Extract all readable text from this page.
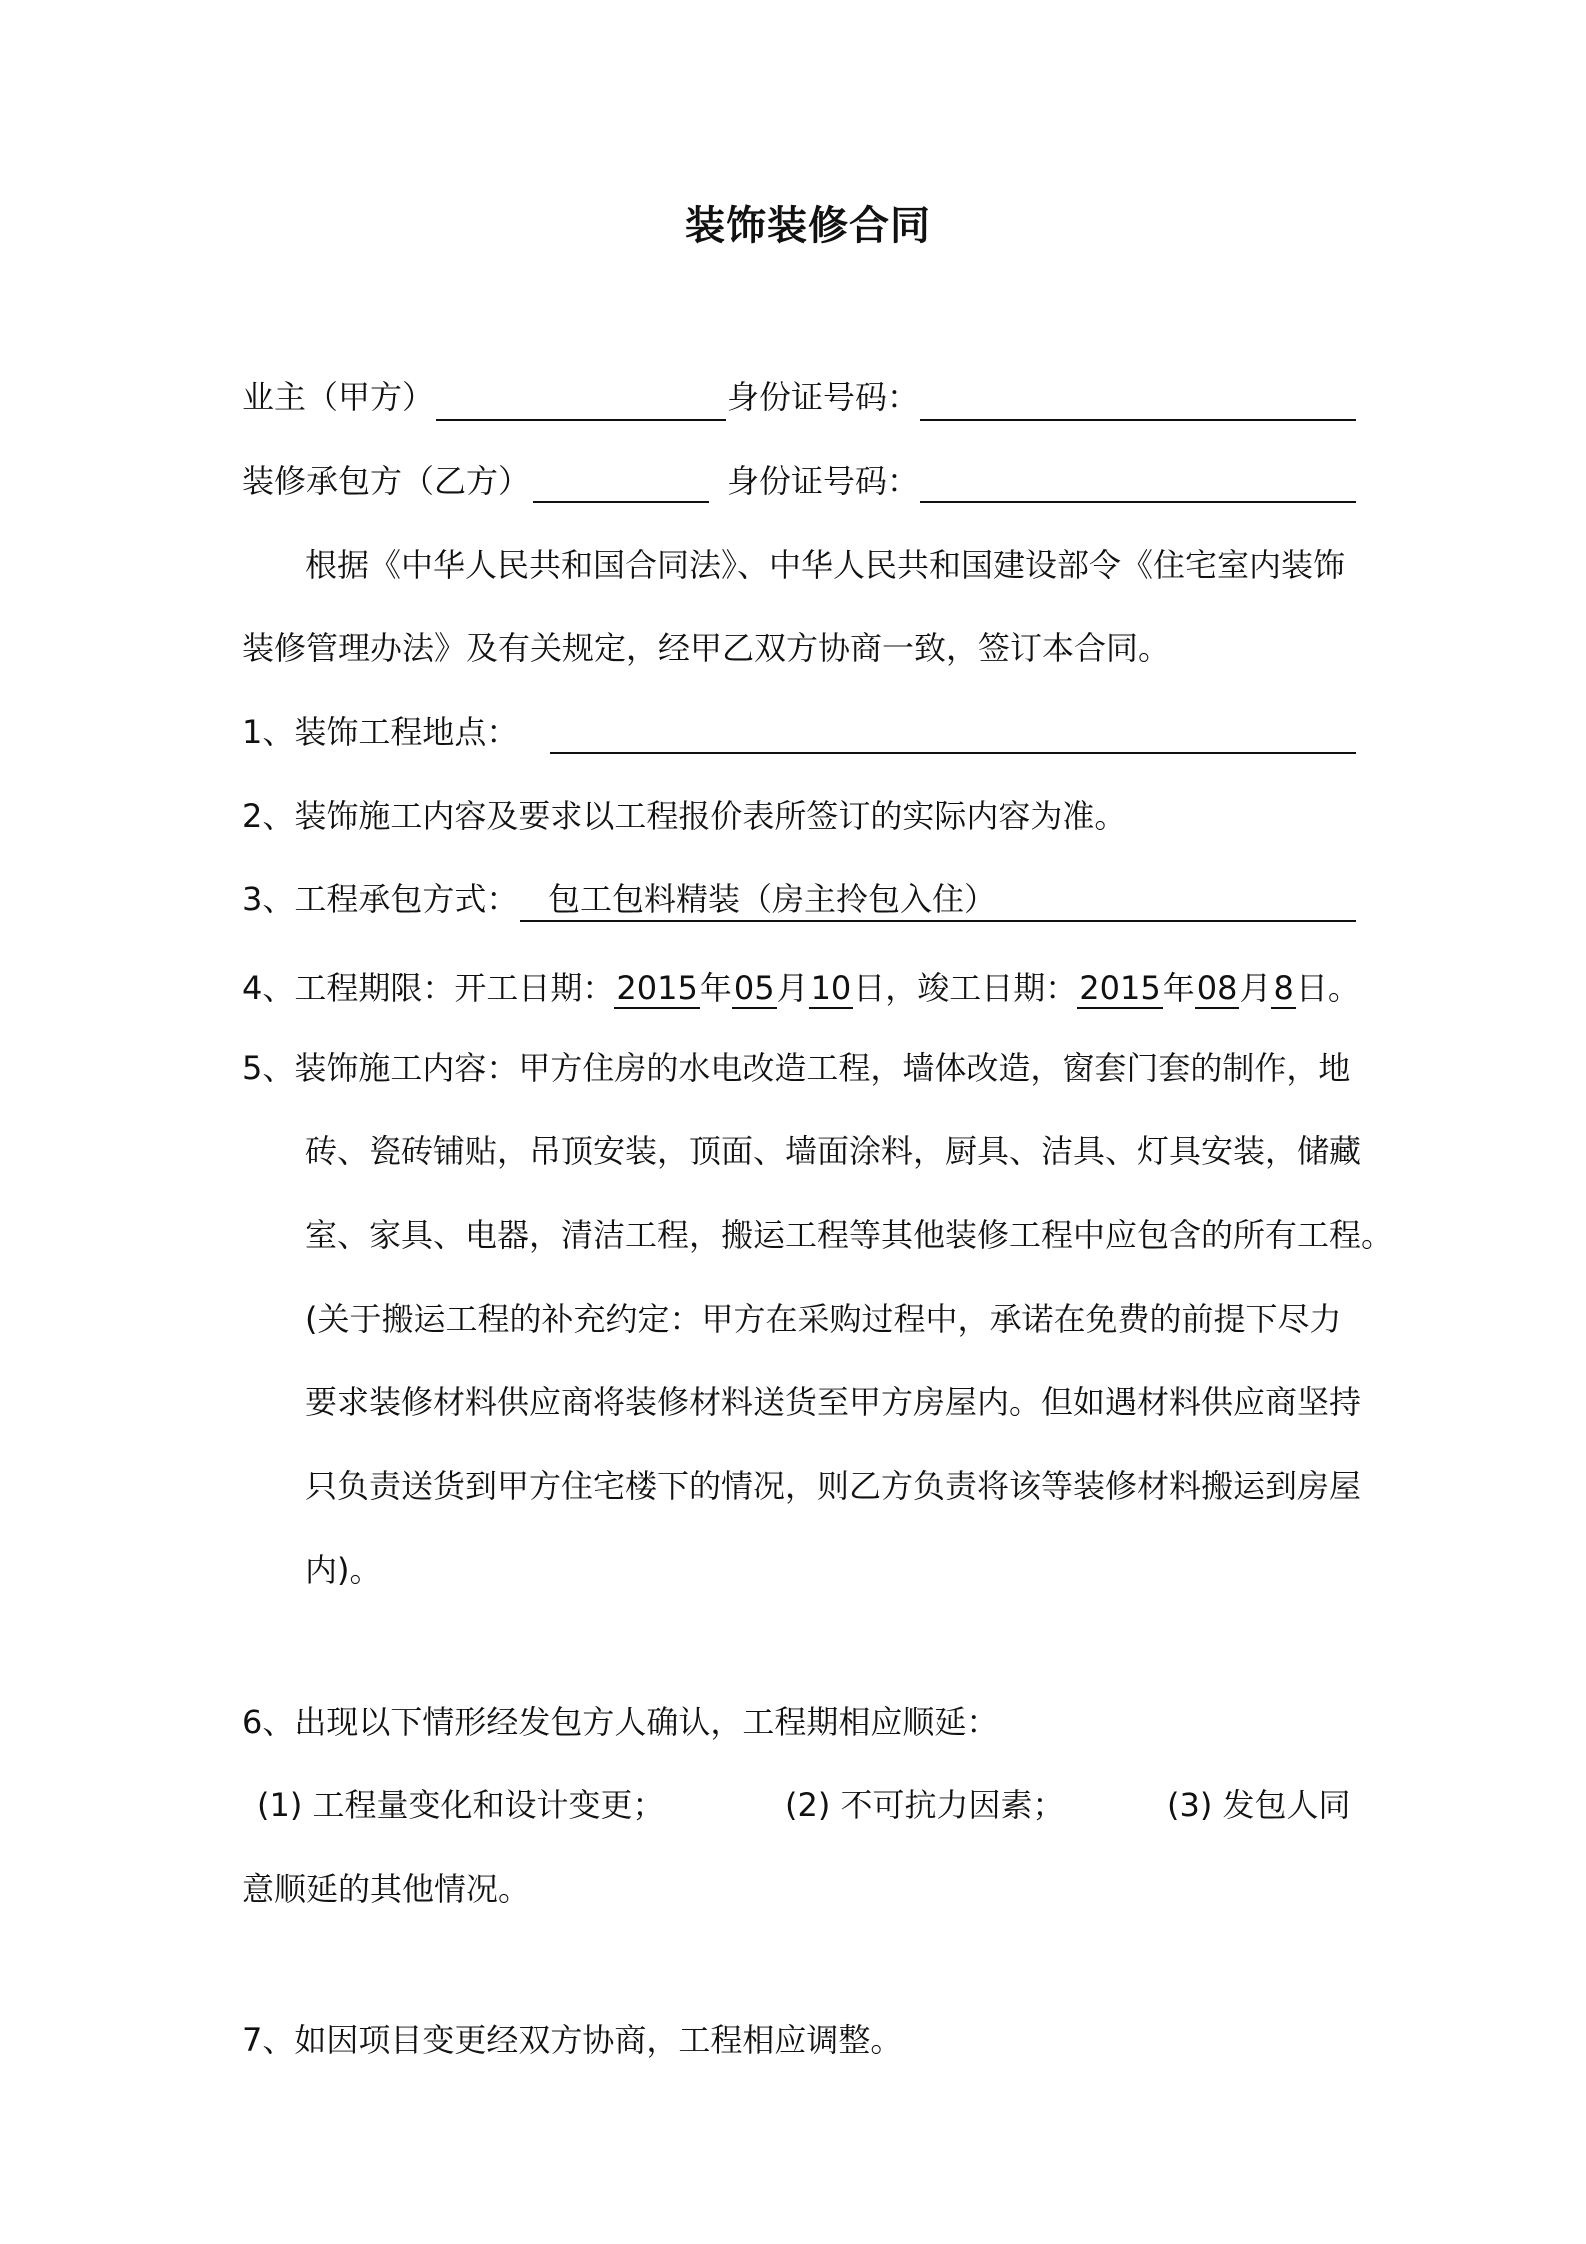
装饰装修合同
业主（甲方）	身份证号码：
装修承包方（乙方）	身份证号码：
根据《中华人民共和国合同法》、中华人民共和国建设部令《住宅室内装饰
装修管理办法》及有关规定，经甲乙双方协商一致，签订本合同。
1、装饰工程地点：
2、装饰施工内容及要求以工程报价表所签订的实际内容为准。
3、工程承包方式： 包工包料精装（房主拎包入住）
4、工程期限：开工日期：2015年05月10日，竣工日期：2015年08月8日。
5、装饰施工内容：甲方住房的水电改造工程，墙体改造，窗套门套的制作，地
砖、瓷砖铺贴，吊顶安装，顶面、墙面涂料，厨具、洁具、灯具安装，储藏
室、家具、电器，清洁工程，搬运工程等其他装修工程中应包含的所有工程。
(关于搬运工程的补充约定：甲方在采购过程中，承诺在免费的前提下尽力
要求装修材料供应商将装修材料送货至甲方房屋内。但如遇材料供应商坚持
只负责送货到甲方住宅楼下的情况，则乙方负责将该等装修材料搬运到房屋
内)。
6、出现以下情形经发包方人确认，工程期相应顺延：
(1) 工程量变化和设计变更；	(2) 不可抗力因素；	(3) 发包人同
意顺延的其他情况。
7、如因项目变更经双方协商，工程相应调整。
